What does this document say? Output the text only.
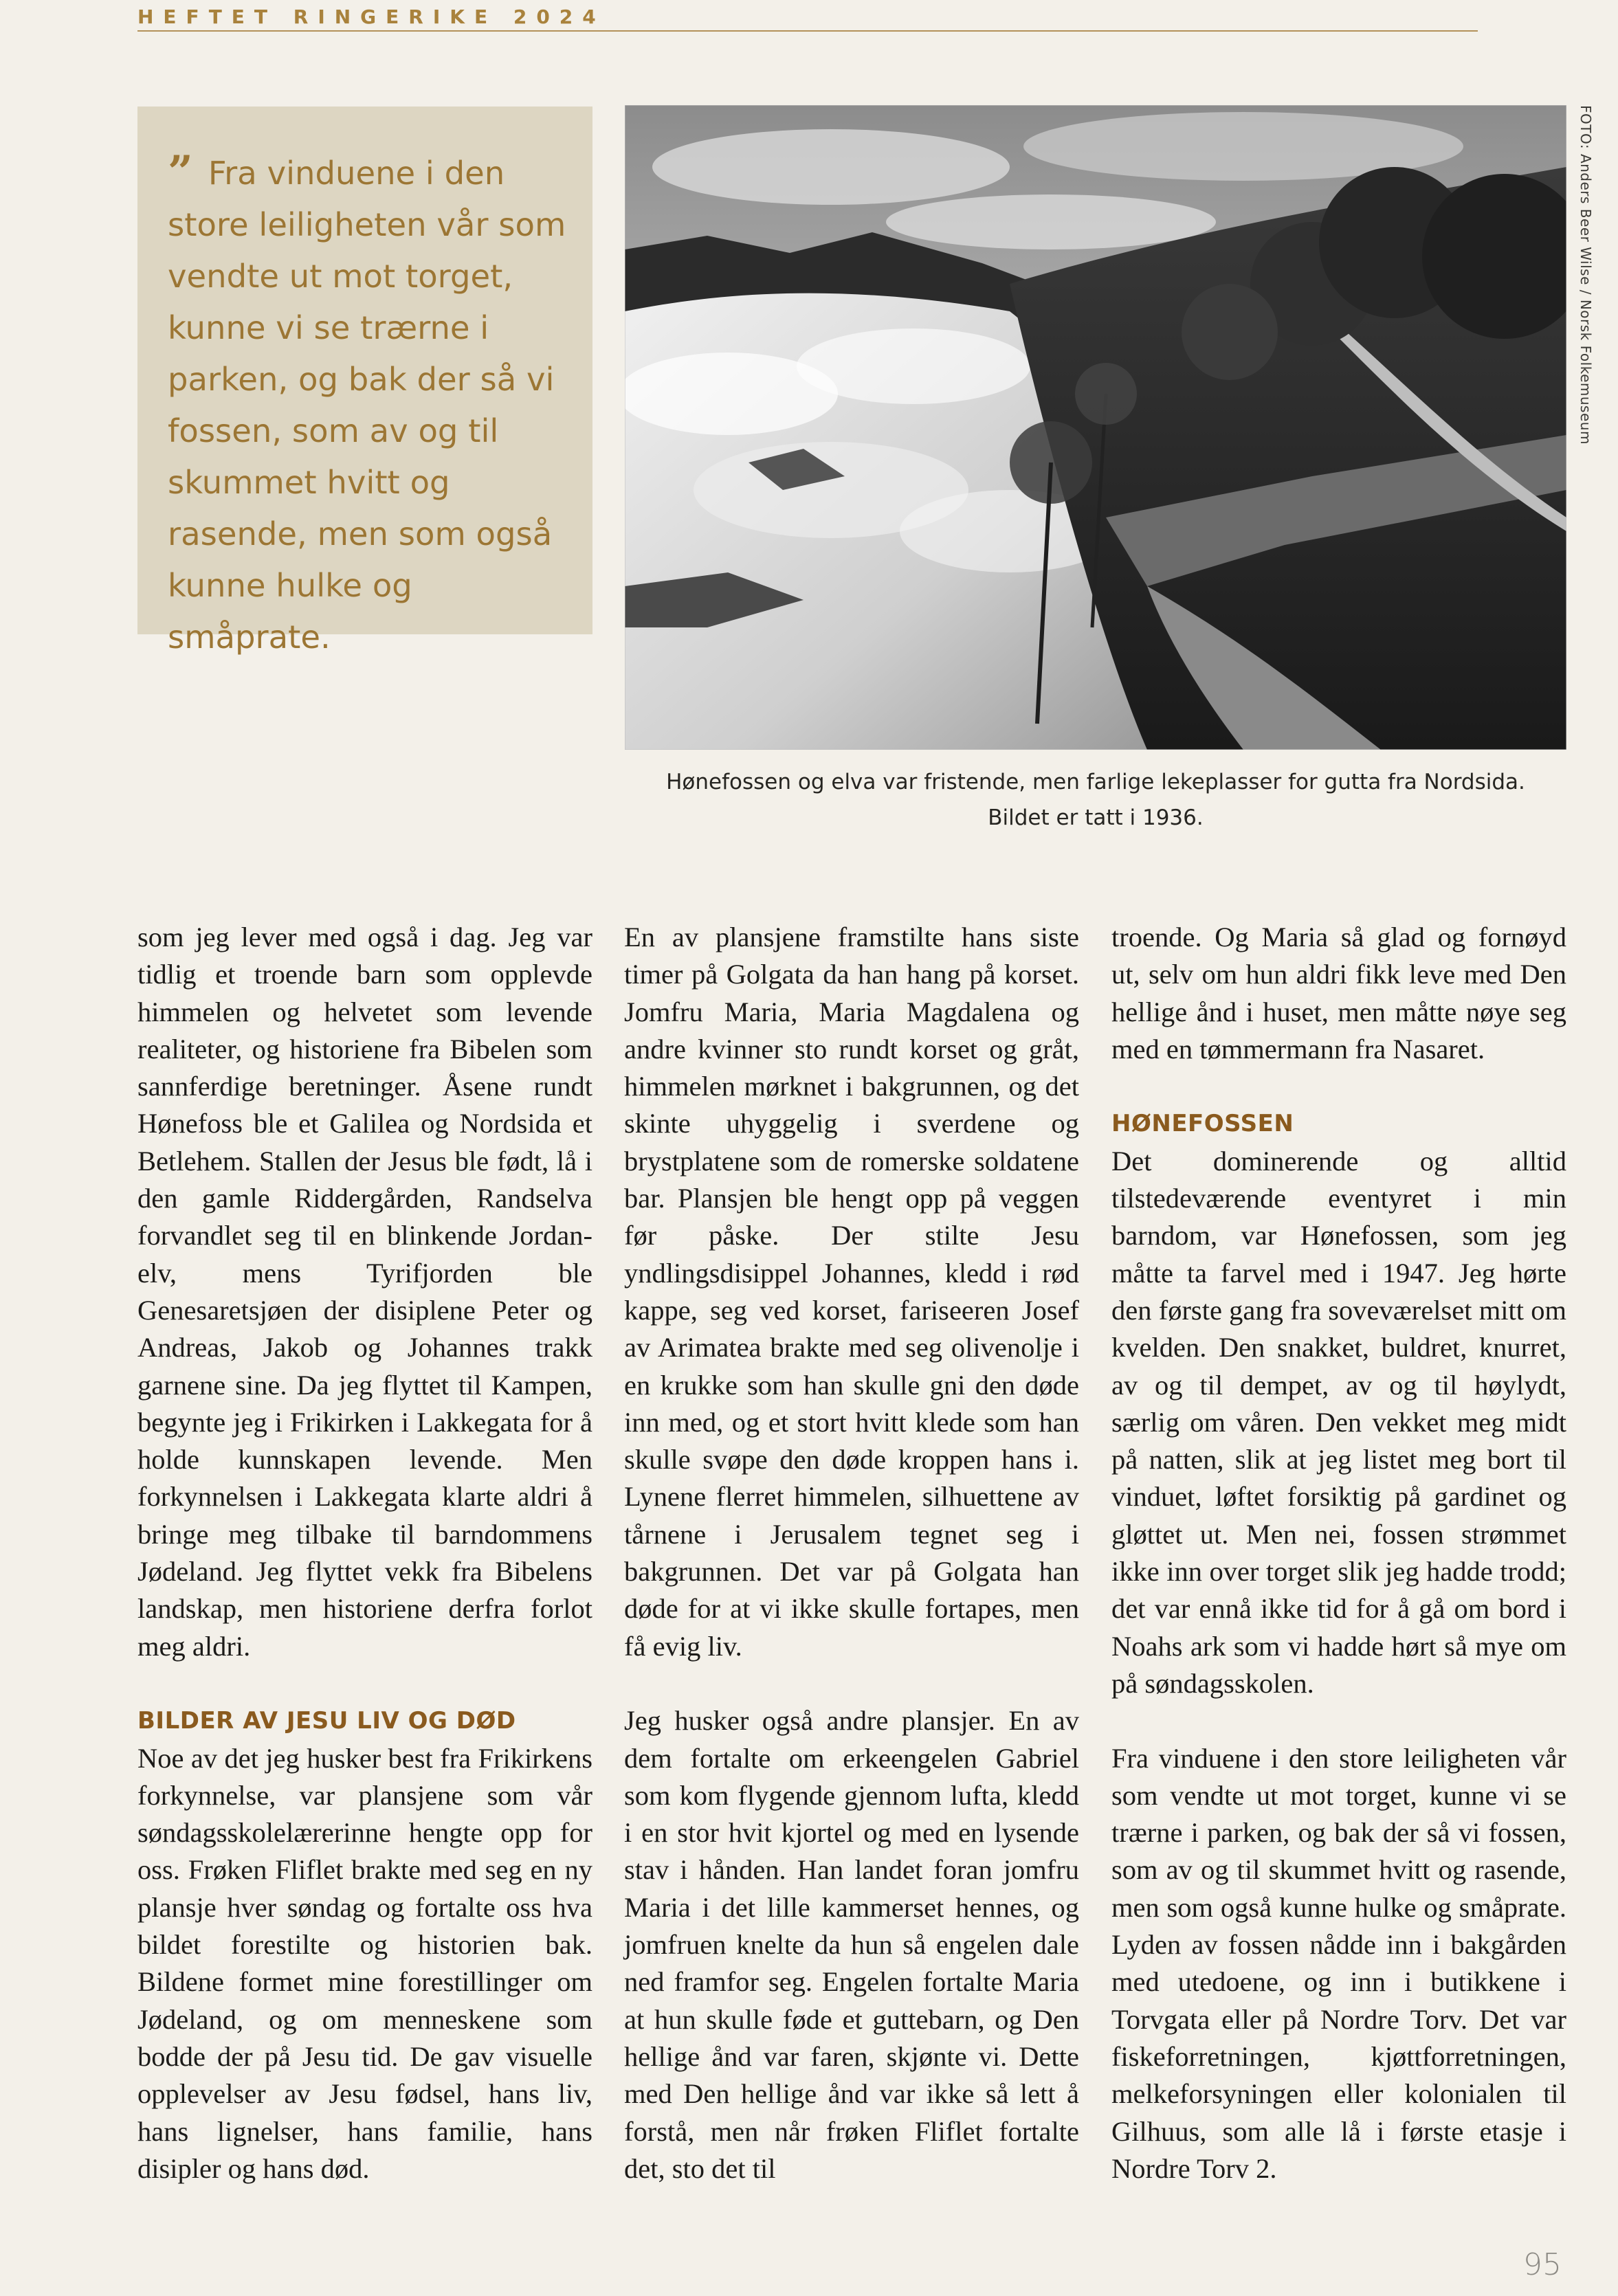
HEFTET RINGERIKE 2024
” Fra vinduene i den store leiligheten vår som vendte ut mot torget, kunne vi se trærne i parken, og bak der så vi fossen, som av og til skummet hvitt og rasende, men som også kunne hulke og småprate.
FOTO: Anders Beer Wilse / Norsk Folkemuseum
Hønefossen og elva var fristende, men farlige lekeplasser for gutta fra Nordsida.
Bildet er tatt i 1936.

som jeg lever med også i dag. Jeg var tidlig et troende barn som opplevde himmelen og helvetet som levende realiteter, og historiene fra Bibelen som sannferdige beretninger. Åsene rundt Hønefoss ble et Galilea og Nordsida et Betlehem. Stallen der Jesus ble født, lå i den gamle Riddergården, Randselva forvandlet seg til en blinkende Jordan-elv, mens Tyrifjorden ble Genesaretsjøen der disiplene Peter og Andreas, Jakob og Johannes trakk garnene sine. Da jeg flyttet til Kampen, begynte jeg i Frikirken i Lakkegata for å holde kunnskapen levende. Men forkynnelsen i Lakkegata klarte aldri å bringe meg tilbake til barndommens Jødeland. Jeg flyttet vekk fra Bibelens landskap, men historiene derfra forlot meg aldri.

BILDER AV JESU LIV OG DØD

Noe av det jeg husker best fra Frikirkens forkynnelse, var plansjene som vår søndagsskolelærerinne hengte opp for oss. Frøken Fliflet brakte med seg en ny plansje hver søndag og fortalte oss hva bildet forestilte og historien bak. Bildene formet mine forestillinger om Jødeland, og om menneskene som bodde der på Jesu tid. De gav visuelle opplevelser av Jesu fødsel, hans liv, hans lignelser, hans familie, hans disipler og hans død.

En av plansjene framstilte hans siste timer på Golgata da han hang på korset. Jomfru Maria, Maria Magdalena og andre kvinner sto rundt korset og gråt, himmelen mørknet i bakgrunnen, og det skinte uhyggelig i sverdene og brystplatene som de romerske soldatene bar. Plansjen ble hengt opp på veggen før påske. Der stilte Jesu yndlingsdisippel Johannes, kledd i rød kappe, seg ved korset, fariseeren Josef av Arimatea brakte med seg olivenolje i en krukke som han skulle gni den døde inn med, og et stort hvitt klede som han skulle svøpe den døde kroppen hans i. Lynene flerret himmelen, silhuettene av tårnene i Jerusalem tegnet seg i bakgrunnen. Det var på Golgata han døde for at vi ikke skulle fortapes, men få evig liv.

Jeg husker også andre plansjer. En av dem fortalte om erkeengelen Gabriel som kom flygende gjennom lufta, kledd i en stor hvit kjortel og med en lysende stav i hånden. Han landet foran jomfru Maria i det lille kammerset hennes, og jomfruen knelte da hun så engelen dale ned framfor seg. Engelen fortalte Maria at hun skulle føde et guttebarn, og Den hellige ånd var faren, skjønte vi. Dette med Den hellige ånd var ikke så lett å forstå, men når frøken Fliflet fortalte det, sto det til

troende. Og Maria så glad og fornøyd ut, selv om hun aldri fikk leve med Den hellige ånd i huset, men måtte nøye seg med en tømmermann fra Nasaret.

HØNEFOSSEN

Det dominerende og alltid tilstedeværende eventyret i min barndom, var Hønefossen, som jeg måtte ta farvel med i 1947. Jeg hørte den første gang fra soveværelset mitt om kvelden. Den snakket, buldret, knurret, av og til dempet, av og til høylydt, særlig om våren. Den vekket meg midt på natten, slik at jeg listet meg bort til vinduet, løftet forsiktig på gardinet og gløttet ut. Men nei, fossen strømmet ikke inn over torget slik jeg hadde trodd; det var ennå ikke tid for å gå om bord i Noahs ark som vi hadde hørt så mye om på søndagsskolen.

Fra vinduene i den store leiligheten vår som vendte ut mot torget, kunne vi se trærne i parken, og bak der så vi fossen, som av og til skummet hvitt og rasende, men som også kunne hulke og småprate. Lyden av fossen nådde inn i bakgården med utedoene, og inn i butikkene i Torvgata eller på Nordre Torv. Det var fiskeforretningen, kjøttforretningen, melkeforsyningen eller kolonialen til Gilhuus, som alle lå i første etasje i Nordre Torv 2.

95
